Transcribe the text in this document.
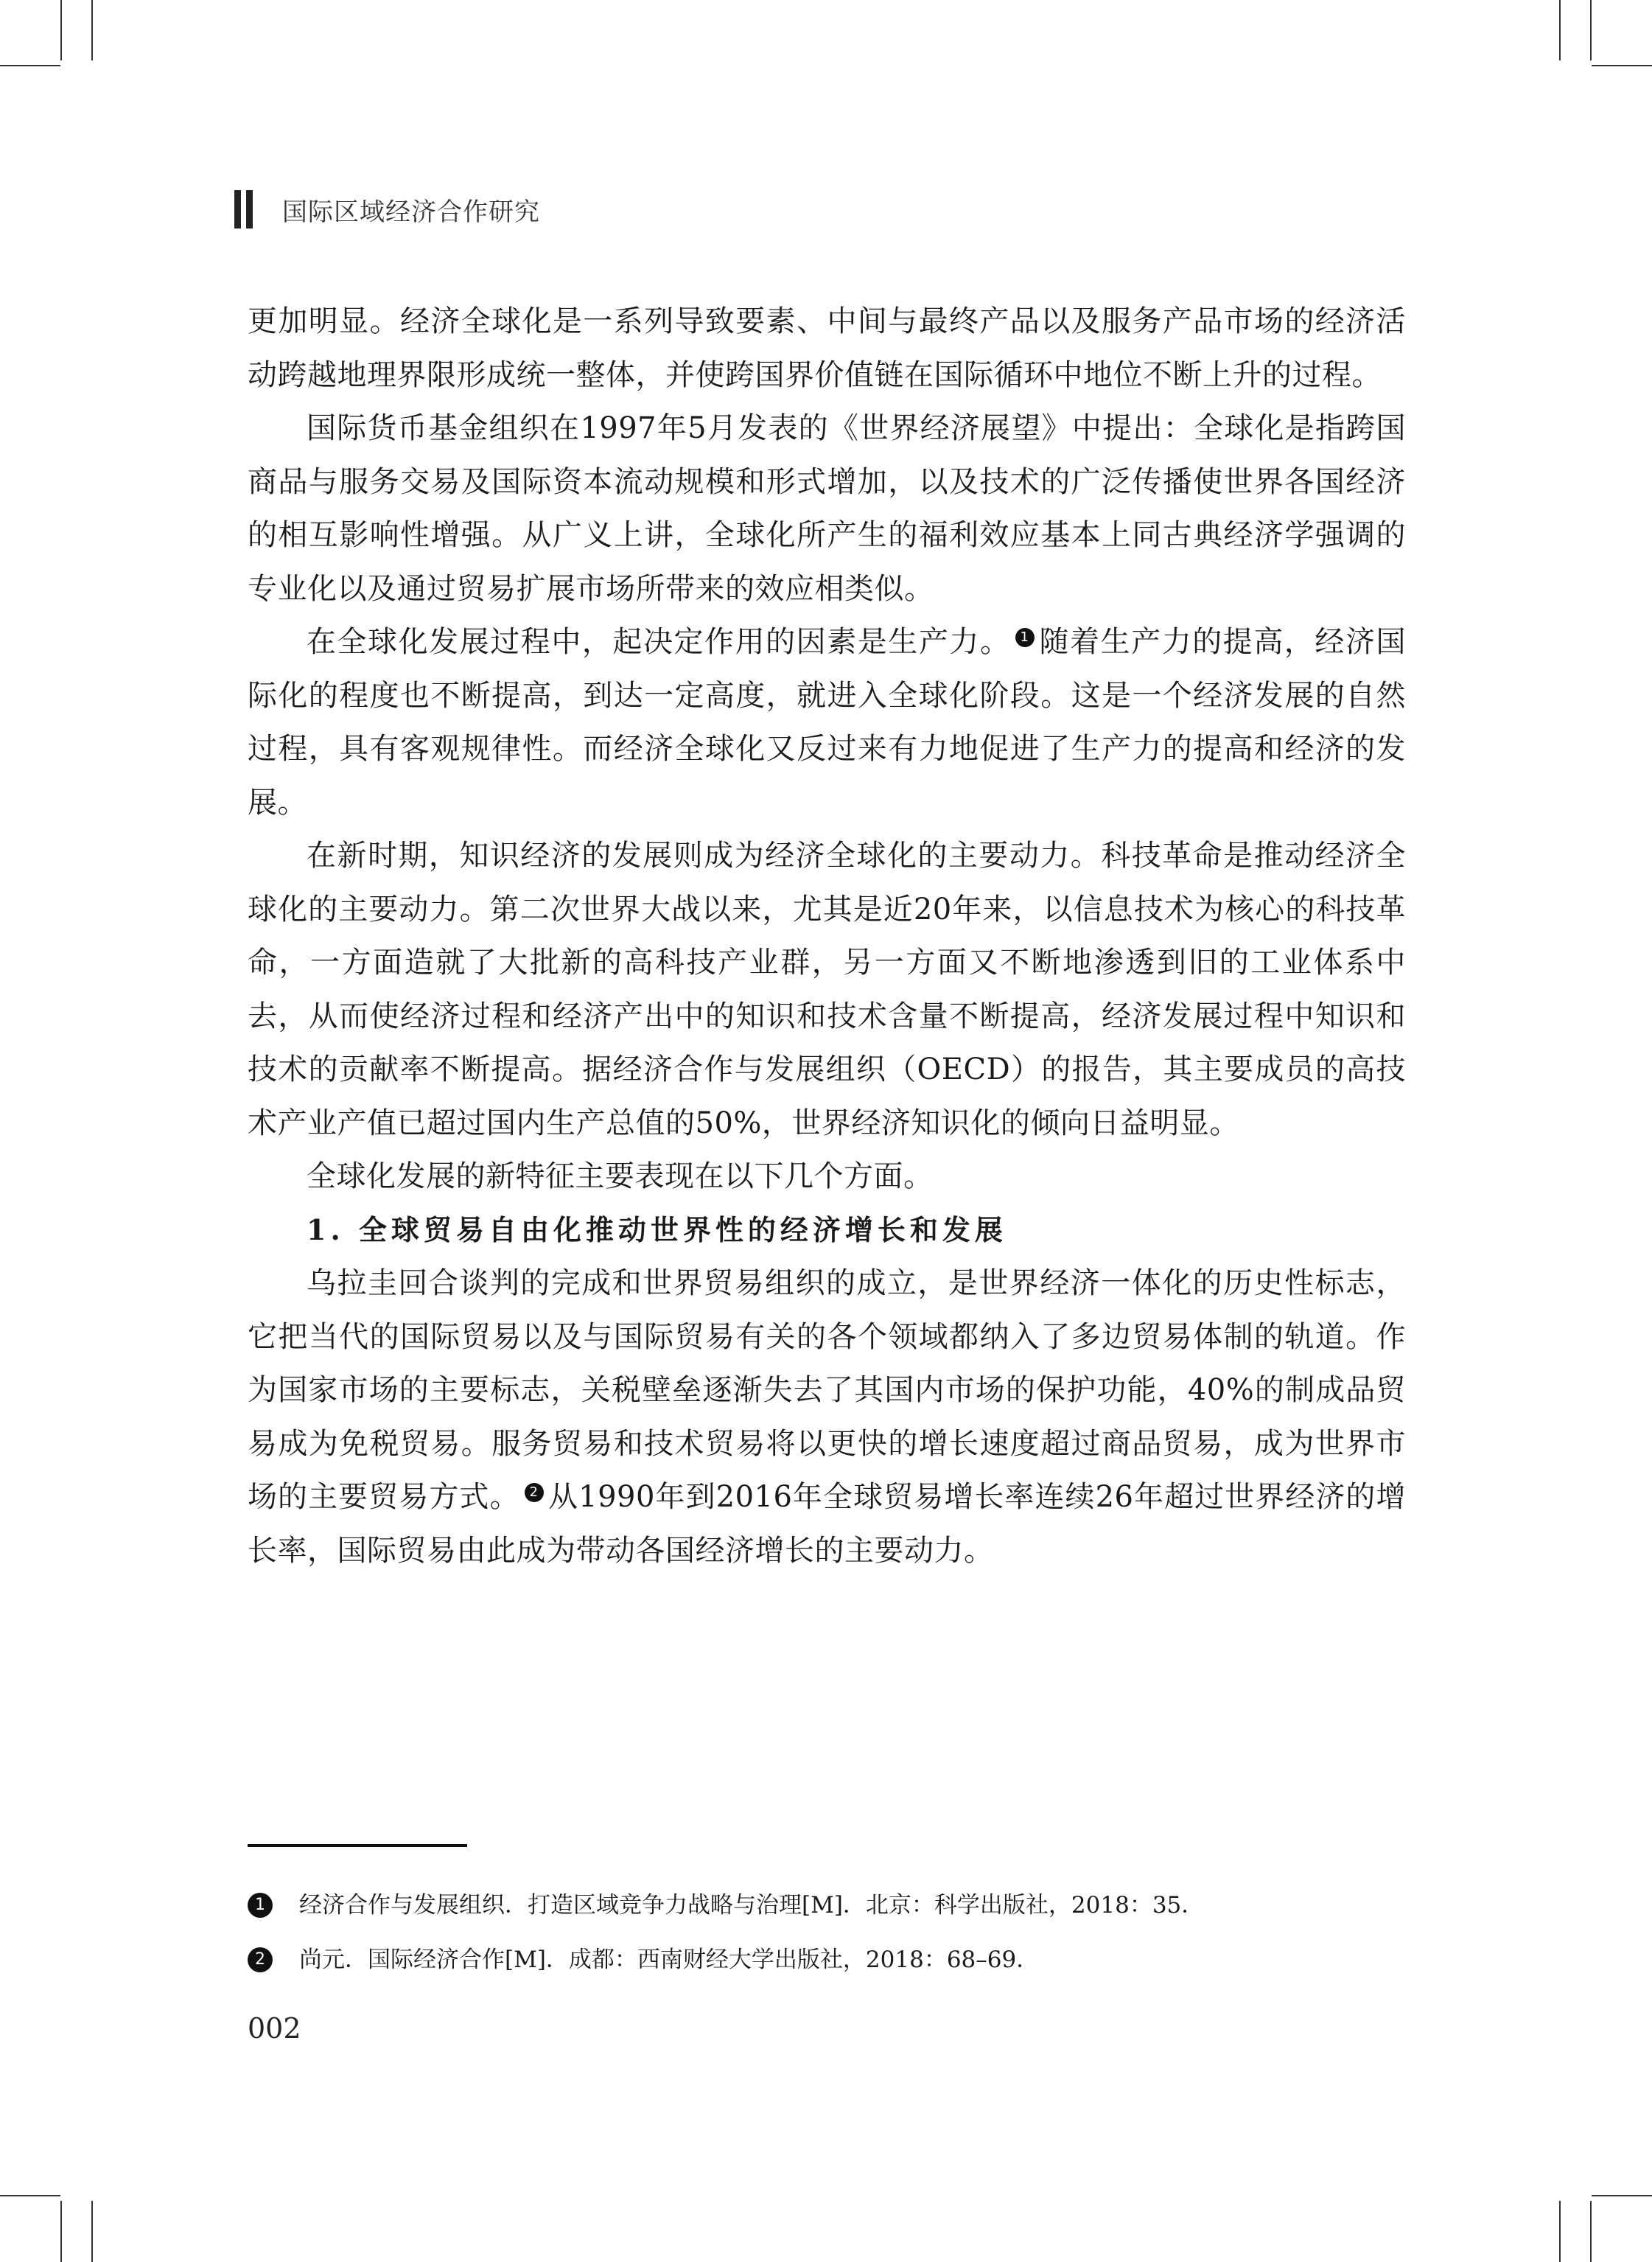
国际区域经济合作研究

更加明显。经济全球化是一系列导致要素、中间与最终产品以及服务产品市场的经济活动跨越地理界限形成统一整体，并使跨国界价值链在国际循环中地位不断上升的过程。

国际货币基金组织在1997年5月发表的《世界经济展望》中提出：全球化是指跨国商品与服务交易及国际资本流动规模和形式增加，以及技术的广泛传播使世界各国经济的相互影响性增强。从广义上讲，全球化所产生的福利效应基本上同古典经济学强调的专业化以及通过贸易扩展市场所带来的效应相类似。

在全球化发展过程中，起决定作用的因素是生产力。 1 随着生产力的提高，经济国际化的程度也不断提高，到达一定高度，就进入全球化阶段。这是一个经济发展的自然过程，具有客观规律性。而经济全球化又反过来有力地促进了生产力的提高和经济的发展。

在新时期，知识经济的发展则成为经济全球化的主要动力。科技革命是推动经济全球化的主要动力。第二次世界大战以来，尤其是近20年来，以信息技术为核心的科技革命，一方面造就了大批新的高科技产业群，另一方面又不断地渗透到旧的工业体系中去，从而使经济过程和经济产出中的知识和技术含量不断提高，经济发展过程中知识和技术的贡献率不断提高。据经济合作与发展组织（OECD）的报告，其主要成员的高技术产业产值已超过国内生产总值的50%，世界经济知识化的倾向日益明显。

全球化发展的新特征主要表现在以下几个方面。

1. 全球贸易自由化推动世界性的经济增长和发展

乌拉圭回合谈判的完成和世界贸易组织的成立，是世界经济一体化的历史性标志，它把当代的国际贸易以及与国际贸易有关的各个领域都纳入了多边贸易体制的轨道。作为国家市场的主要标志，关税壁垒逐渐失去了其国内市场的保护功能，40%的制成品贸易成为免税贸易。服务贸易和技术贸易将以更快的增长速度超过商品贸易，成为世界市场的主要贸易方式。 2 从1990年到2016年全球贸易增长率连续26年超过世界经济的增长率，国际贸易由此成为带动各国经济增长的主要动力。

1	经济合作与发展组织．打造区域竞争力战略与治理[M]．北京：科学出版社，2018：35．
2	尚元．国际经济合作[M]．成都：西南财经大学出版社，2018：68–69．
002
